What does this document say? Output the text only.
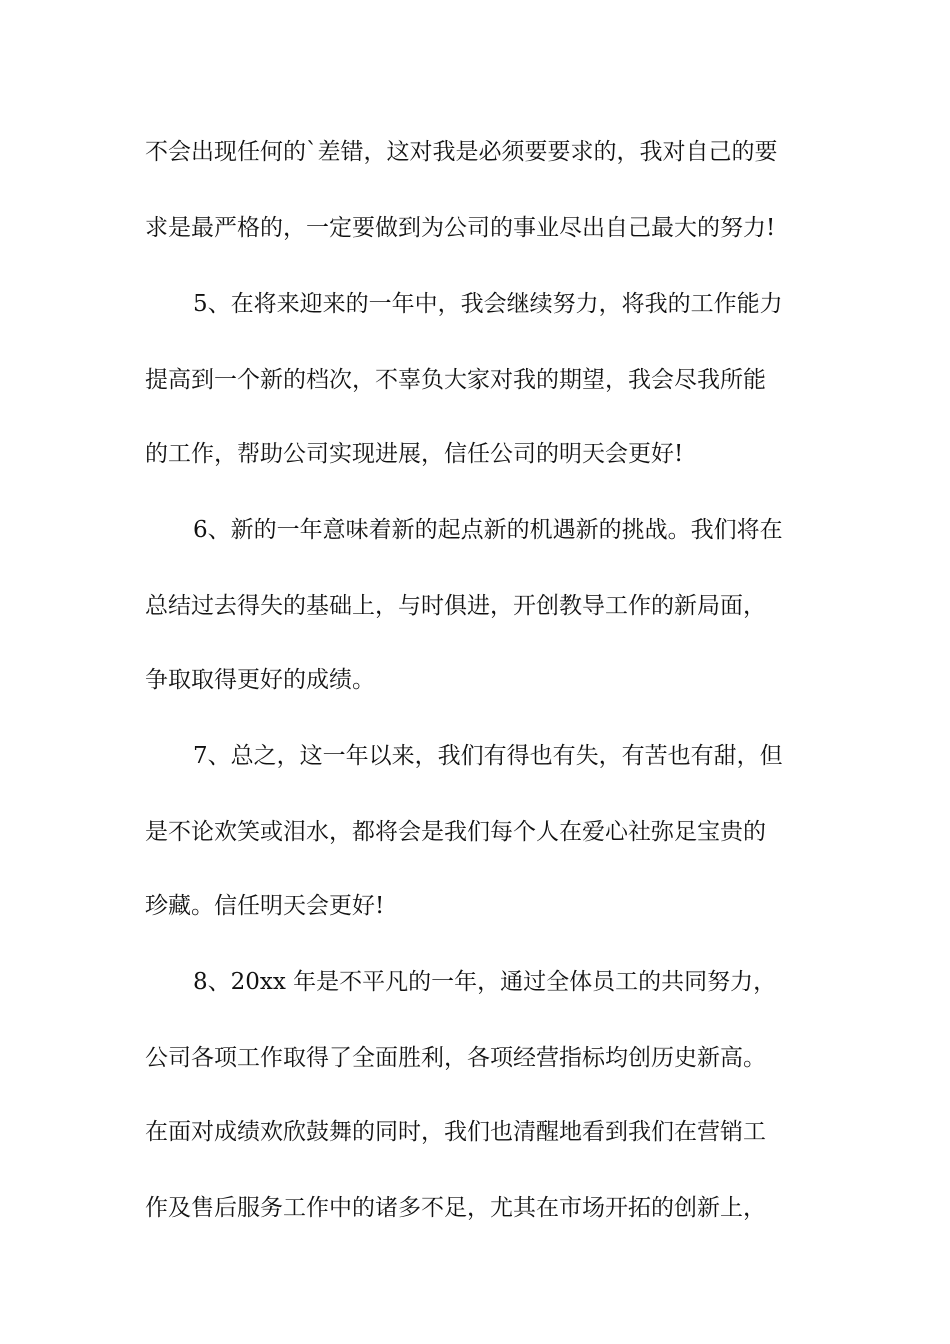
不会出现任何的`差错，这对我是必须要要求的，我对自己的要
求是最严格的，一定要做到为公司的事业尽出自己最大的努力!
5、在将来迎来的一年中，我会继续努力，将我的工作能力
提高到一个新的档次，不辜负大家对我的期望，我会尽我所能
的工作，帮助公司实现进展，信任公司的明天会更好!
6、新的一年意味着新的起点新的机遇新的挑战。我们将在
总结过去得失的基础上，与时俱进，开创教导工作的新局面，
争取取得更好的成绩。
7、总之，这一年以来，我们有得也有失，有苦也有甜，但
是不论欢笑或泪水，都将会是我们每个人在爱心社弥足宝贵的
珍藏。信任明天会更好!
8、20xx 年是不平凡的一年，通过全体员工的共同努力，
公司各项工作取得了全面胜利，各项经营指标均创历史新高。
在面对成绩欢欣鼓舞的同时，我们也清醒地看到我们在营销工
作及售后服务工作中的诸多不足，尤其在市场开拓的创新上，
